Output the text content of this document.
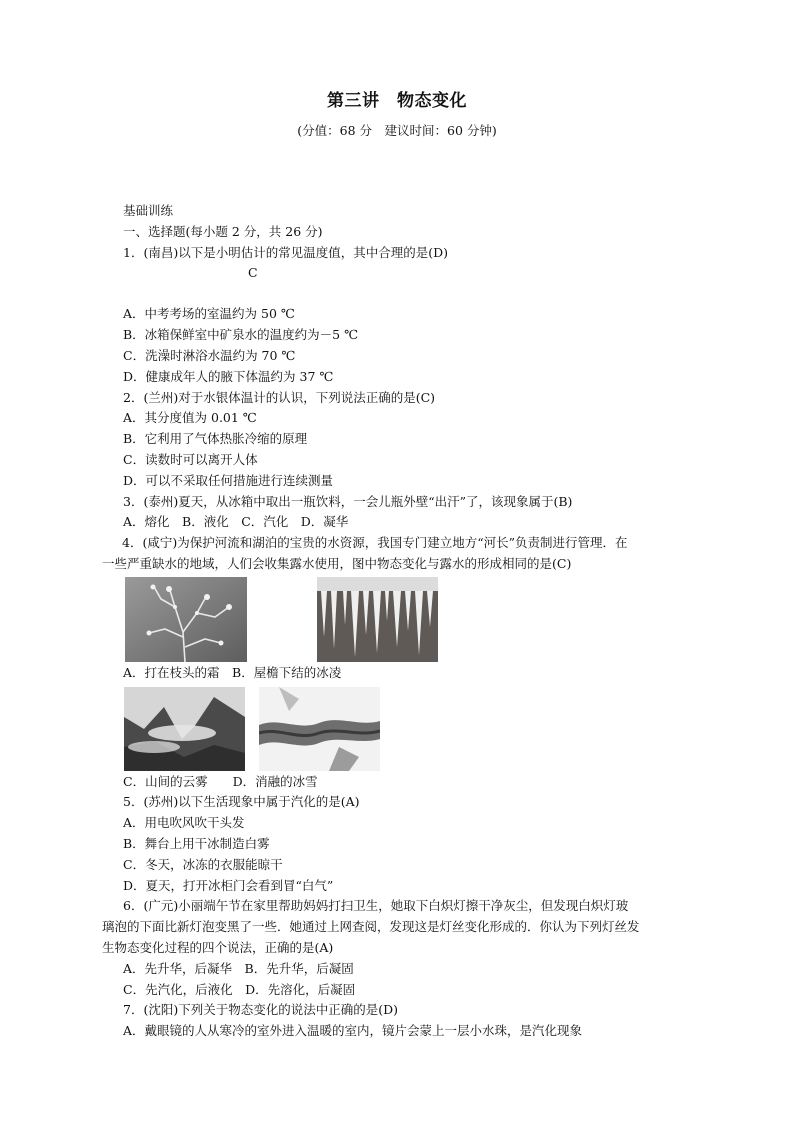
第三讲　物态变化
(分值：68 分　建议时间：60 分钟)
基础训练
一、选择题(每小题 2 分，共 26 分)
1．(南昌)以下是小明估计的常见温度值，其中合理的是(D)
C
A．中考考场的室温约为 50 ℃
B．冰箱保鲜室中矿泉水的温度约为－5 ℃
C．洗澡时淋浴水温约为 70 ℃
D．健康成年人的腋下体温约为 37 ℃
2．(兰州)对于水银体温计的认识，下列说法正确的是(C)
A．其分度值为 0.01 ℃
B．它利用了气体热胀冷缩的原理
C．读数时可以离开人体
D．可以不采取任何措施进行连续测量
3．(泰州)夏天，从冰箱中取出一瓶饮料，一会儿瓶外壁“出汗”了，该现象属于(B)
A．熔化　B．液化　C．汽化　D．凝华
4．(咸宁)为保护河流和湖泊的宝贵的水资源，我国专门建立地方“河长”负责制进行管理．在
一些严重缺水的地域，人们会收集露水使用，图中物态变化与露水的形成相同的是(C)
A．打在枝头的霜　B．屋檐下结的冰凌
C．山间的云雾　　D．消融的冰雪
5．(苏州)以下生活现象中属于汽化的是(A)
A．用电吹风吹干头发
B．舞台上用干冰制造白雾
C．冬天，冰冻的衣服能晾干
D．夏天，打开冰柜门会看到冒“白气”
6．(广元)小丽端午节在家里帮助妈妈打扫卫生，她取下白炽灯擦干净灰尘，但发现白炽灯玻
璃泡的下面比新灯泡变黑了一些．她通过上网查阅，发现这是灯丝变化形成的．你认为下列灯丝发
生物态变化过程的四个说法，正确的是(A)
A．先升华，后凝华　B．先升华，后凝固
C．先汽化，后液化　D．先溶化，后凝固
7．(沈阳)下列关于物态变化的说法中正确的是(D)
A．戴眼镜的人从寒冷的室外进入温暖的室内，镜片会蒙上一层小水珠，是汽化现象
